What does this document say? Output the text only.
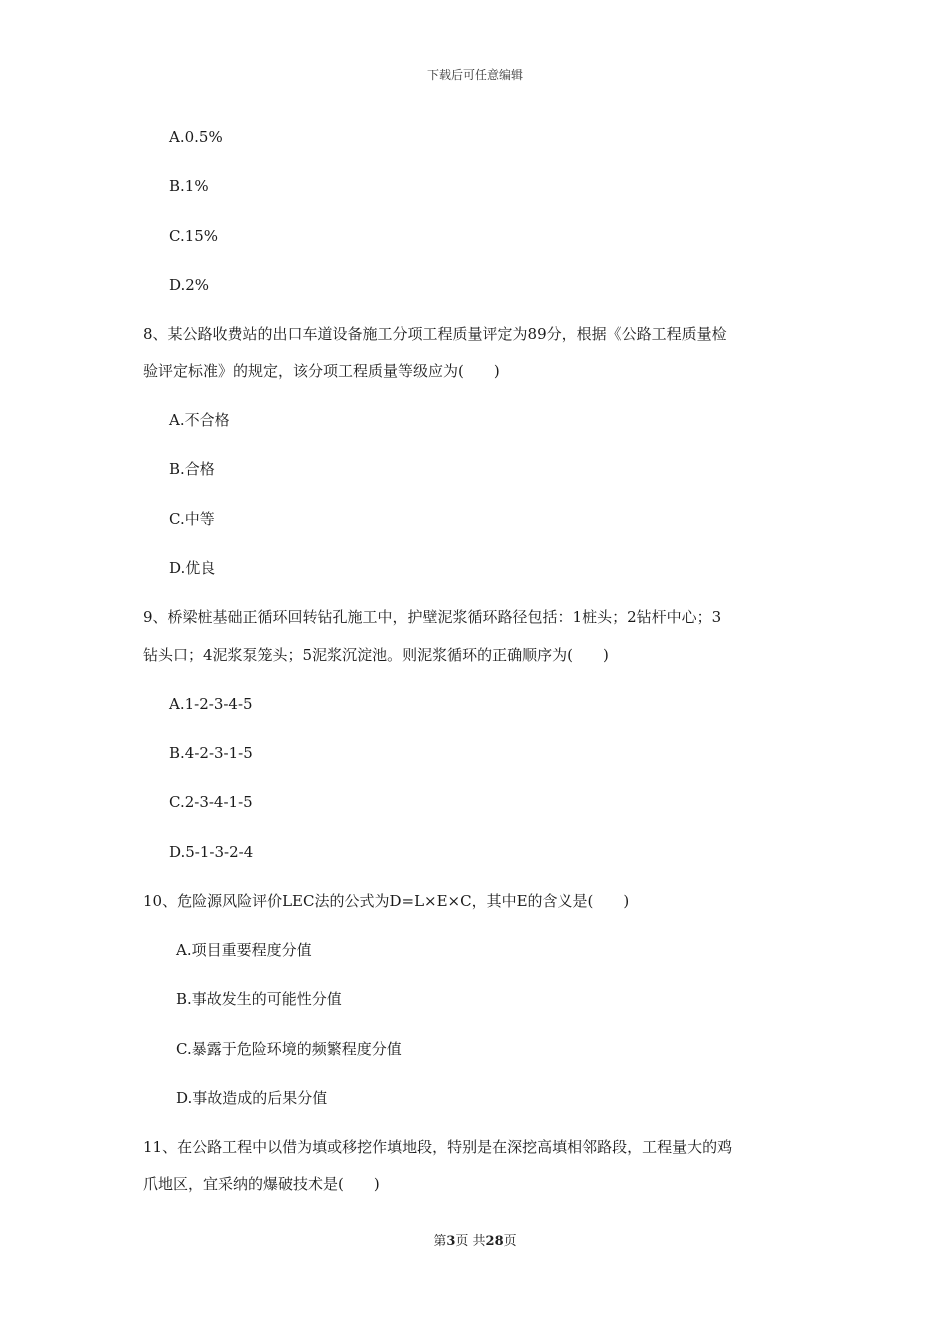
下载后可任意编辑
A.0.5%
B.1%
C.15%
D.2%
8、某公路收费站的出口车道设备施工分项工程质量评定为89分，根据《公路工程质量检
验评定标准》的规定，该分项工程质量等级应为(　　)
A.不合格
B.合格
C.中等
D.优良
9、桥梁桩基础正循环回转钻孔施工中，护壁泥浆循环路径包括：1桩头；2钻杆中心；3
钻头口；4泥浆泵笼头；5泥浆沉淀池。则泥浆循环的正确顺序为(　　)
A.1-2-3-4-5
B.4-2-3-1-5
C.2-3-4-1-5
D.5-1-3-2-4
10、危险源风险评价LEC法的公式为D=L×E×C，其中E的含义是(　　)
A.项目重要程度分值
B.事故发生的可能性分值
C.暴露于危险环境的频繁程度分值
D.事故造成的后果分值
11、在公路工程中以借为填或移挖作填地段，特别是在深挖高填相邻路段，工程量大的鸡
爪地区，宜采纳的爆破技术是(　　)
第3页 共28页
